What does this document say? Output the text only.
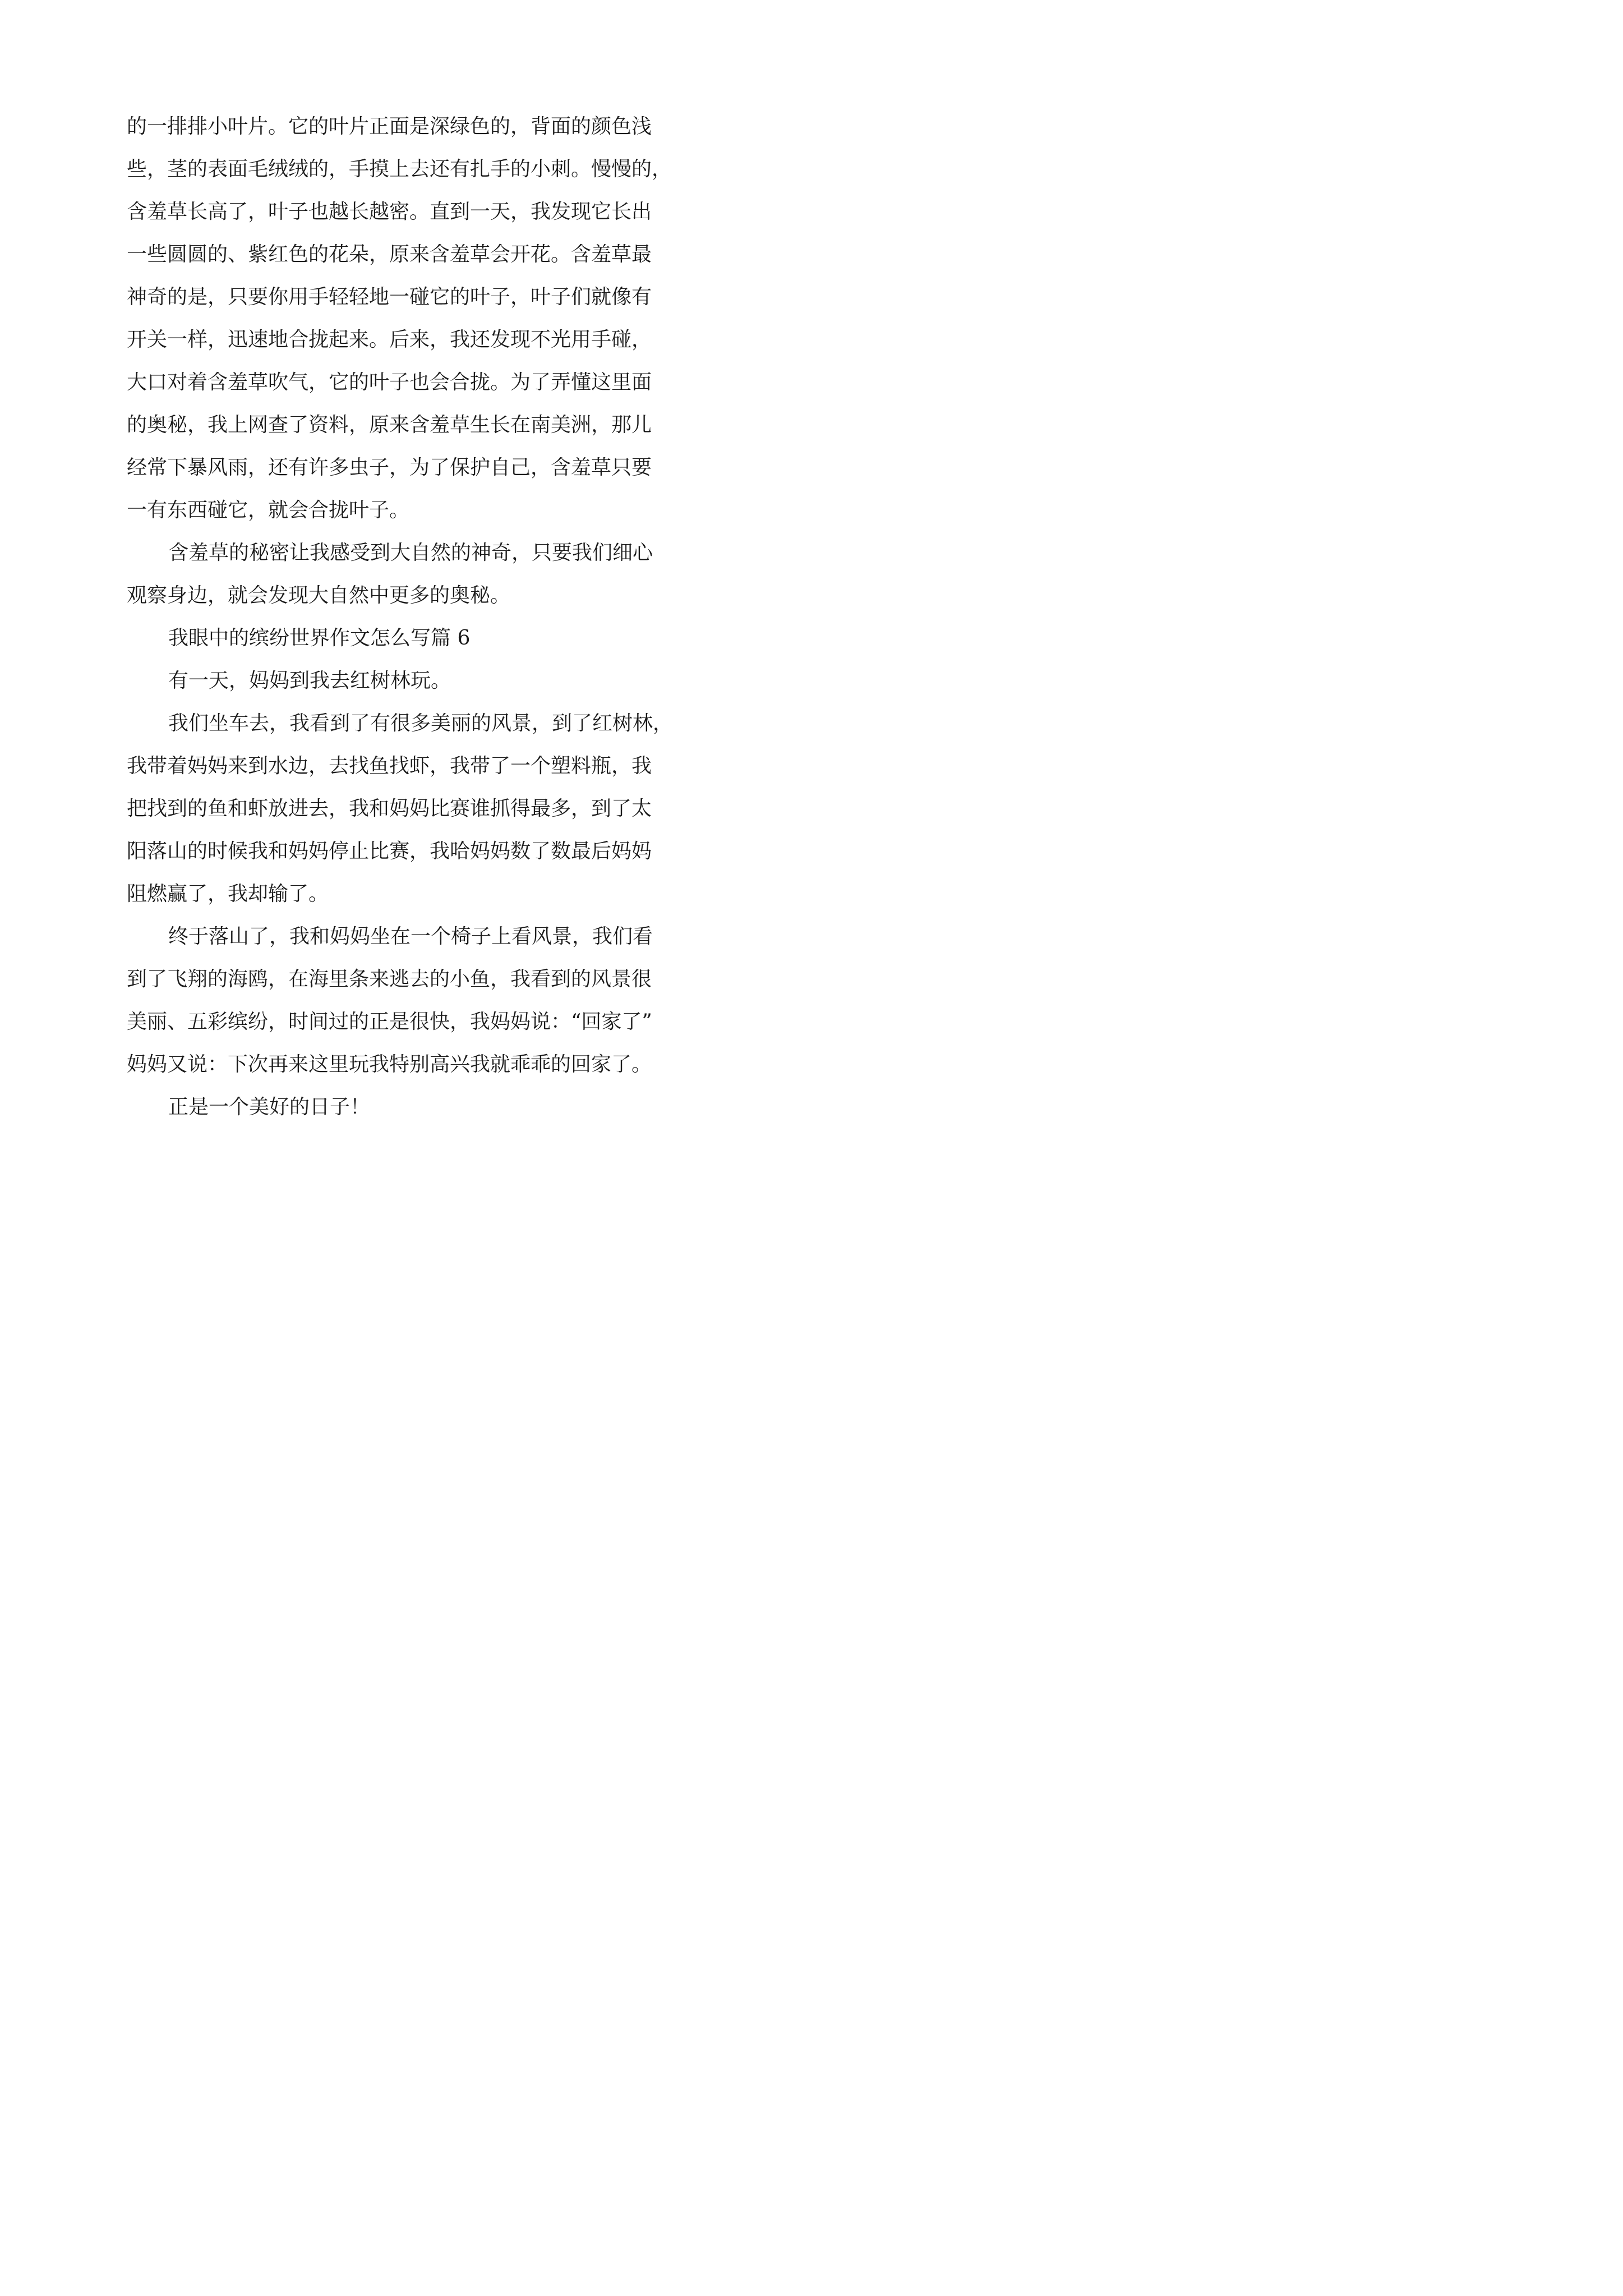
的一排排小叶片。它的叶片正面是深绿色的，背面的颜色浅
些，茎的表面毛绒绒的，手摸上去还有扎手的小刺。慢慢的，
含羞草长高了，叶子也越长越密。直到一天，我发现它长出
一些圆圆的、紫红色的花朵，原来含羞草会开花。含羞草最
神奇的是，只要你用手轻轻地一碰它的叶子，叶子们就像有
开关一样，迅速地合拢起来。后来，我还发现不光用手碰，
大口对着含羞草吹气，它的叶子也会合拢。为了弄懂这里面
的奥秘，我上网查了资料，原来含羞草生长在南美洲，那儿
经常下暴风雨，还有许多虫子，为了保护自己，含羞草只要
一有东西碰它，就会合拢叶子。
含羞草的秘密让我感受到大自然的神奇，只要我们细心
观察身边，就会发现大自然中更多的奥秘。
我眼中的缤纷世界作文怎么写篇 6
有一天，妈妈到我去红树林玩。
我们坐车去，我看到了有很多美丽的风景，到了红树林，
我带着妈妈来到水边，去找鱼找虾，我带了一个塑料瓶，我
把找到的鱼和虾放进去，我和妈妈比赛谁抓得最多，到了太
阳落山的时候我和妈妈停止比赛，我哈妈妈数了数最后妈妈
阻燃赢了，我却输了。
终于落山了，我和妈妈坐在一个椅子上看风景，我们看
到了飞翔的海鸥，在海里条来逃去的小鱼，我看到的风景很
美丽、五彩缤纷，时间过的正是很快，我妈妈说：“回家了”
妈妈又说：下次再来这里玩我特别高兴我就乖乖的回家了。
正是一个美好的日子！
